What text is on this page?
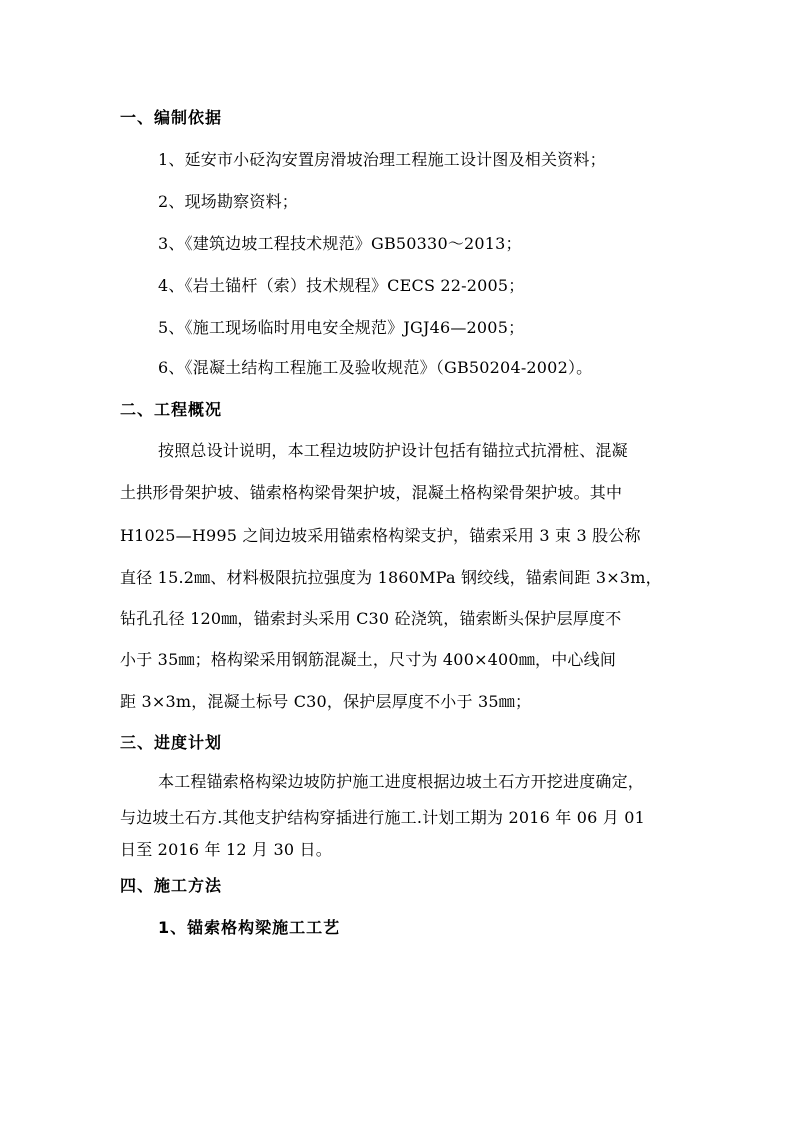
一、编制依据
1、延安市小砭沟安置房滑坡治理工程施工设计图及相关资料；
2、现场勘察资料；
3、《建筑边坡工程技术规范》GB50330～2013；
4、《岩土锚杆（索）技术规程》CECS 22-2005；
5、《施工现场临时用电安全规范》JGJ46—2005；
6、《混凝土结构工程施工及验收规范》（GB50204-2002）。
二、工程概况
按照总设计说明，本工程边坡防护设计包括有锚拉式抗滑桩、混凝
土拱形骨架护坡、锚索格构梁骨架护坡，混凝土格构梁骨架护坡。其中
H1025—H995 之间边坡采用锚索格构梁支护，锚索采用 3 束 3 股公称
直径 15.2㎜、材料极限抗拉强度为 1860MPa 钢绞线，锚索间距 3×3m，
钻孔孔径 120㎜，锚索封头采用 C30 砼浇筑，锚索断头保护层厚度不
小于 35㎜；格构梁采用钢筋混凝土，尺寸为 400×400㎜，中心线间
距 3×3m，混凝土标号 C30，保护层厚度不小于 35㎜；
三、进度计划
本工程锚索格构梁边坡防护施工进度根据边坡土石方开挖进度确定，
与边坡土石方.其他支护结构穿插进行施工.计划工期为 2016 年 06 月 01
日至 2016 年 12 月 30 日。
四、施工方法
1、锚索格构梁施工工艺
